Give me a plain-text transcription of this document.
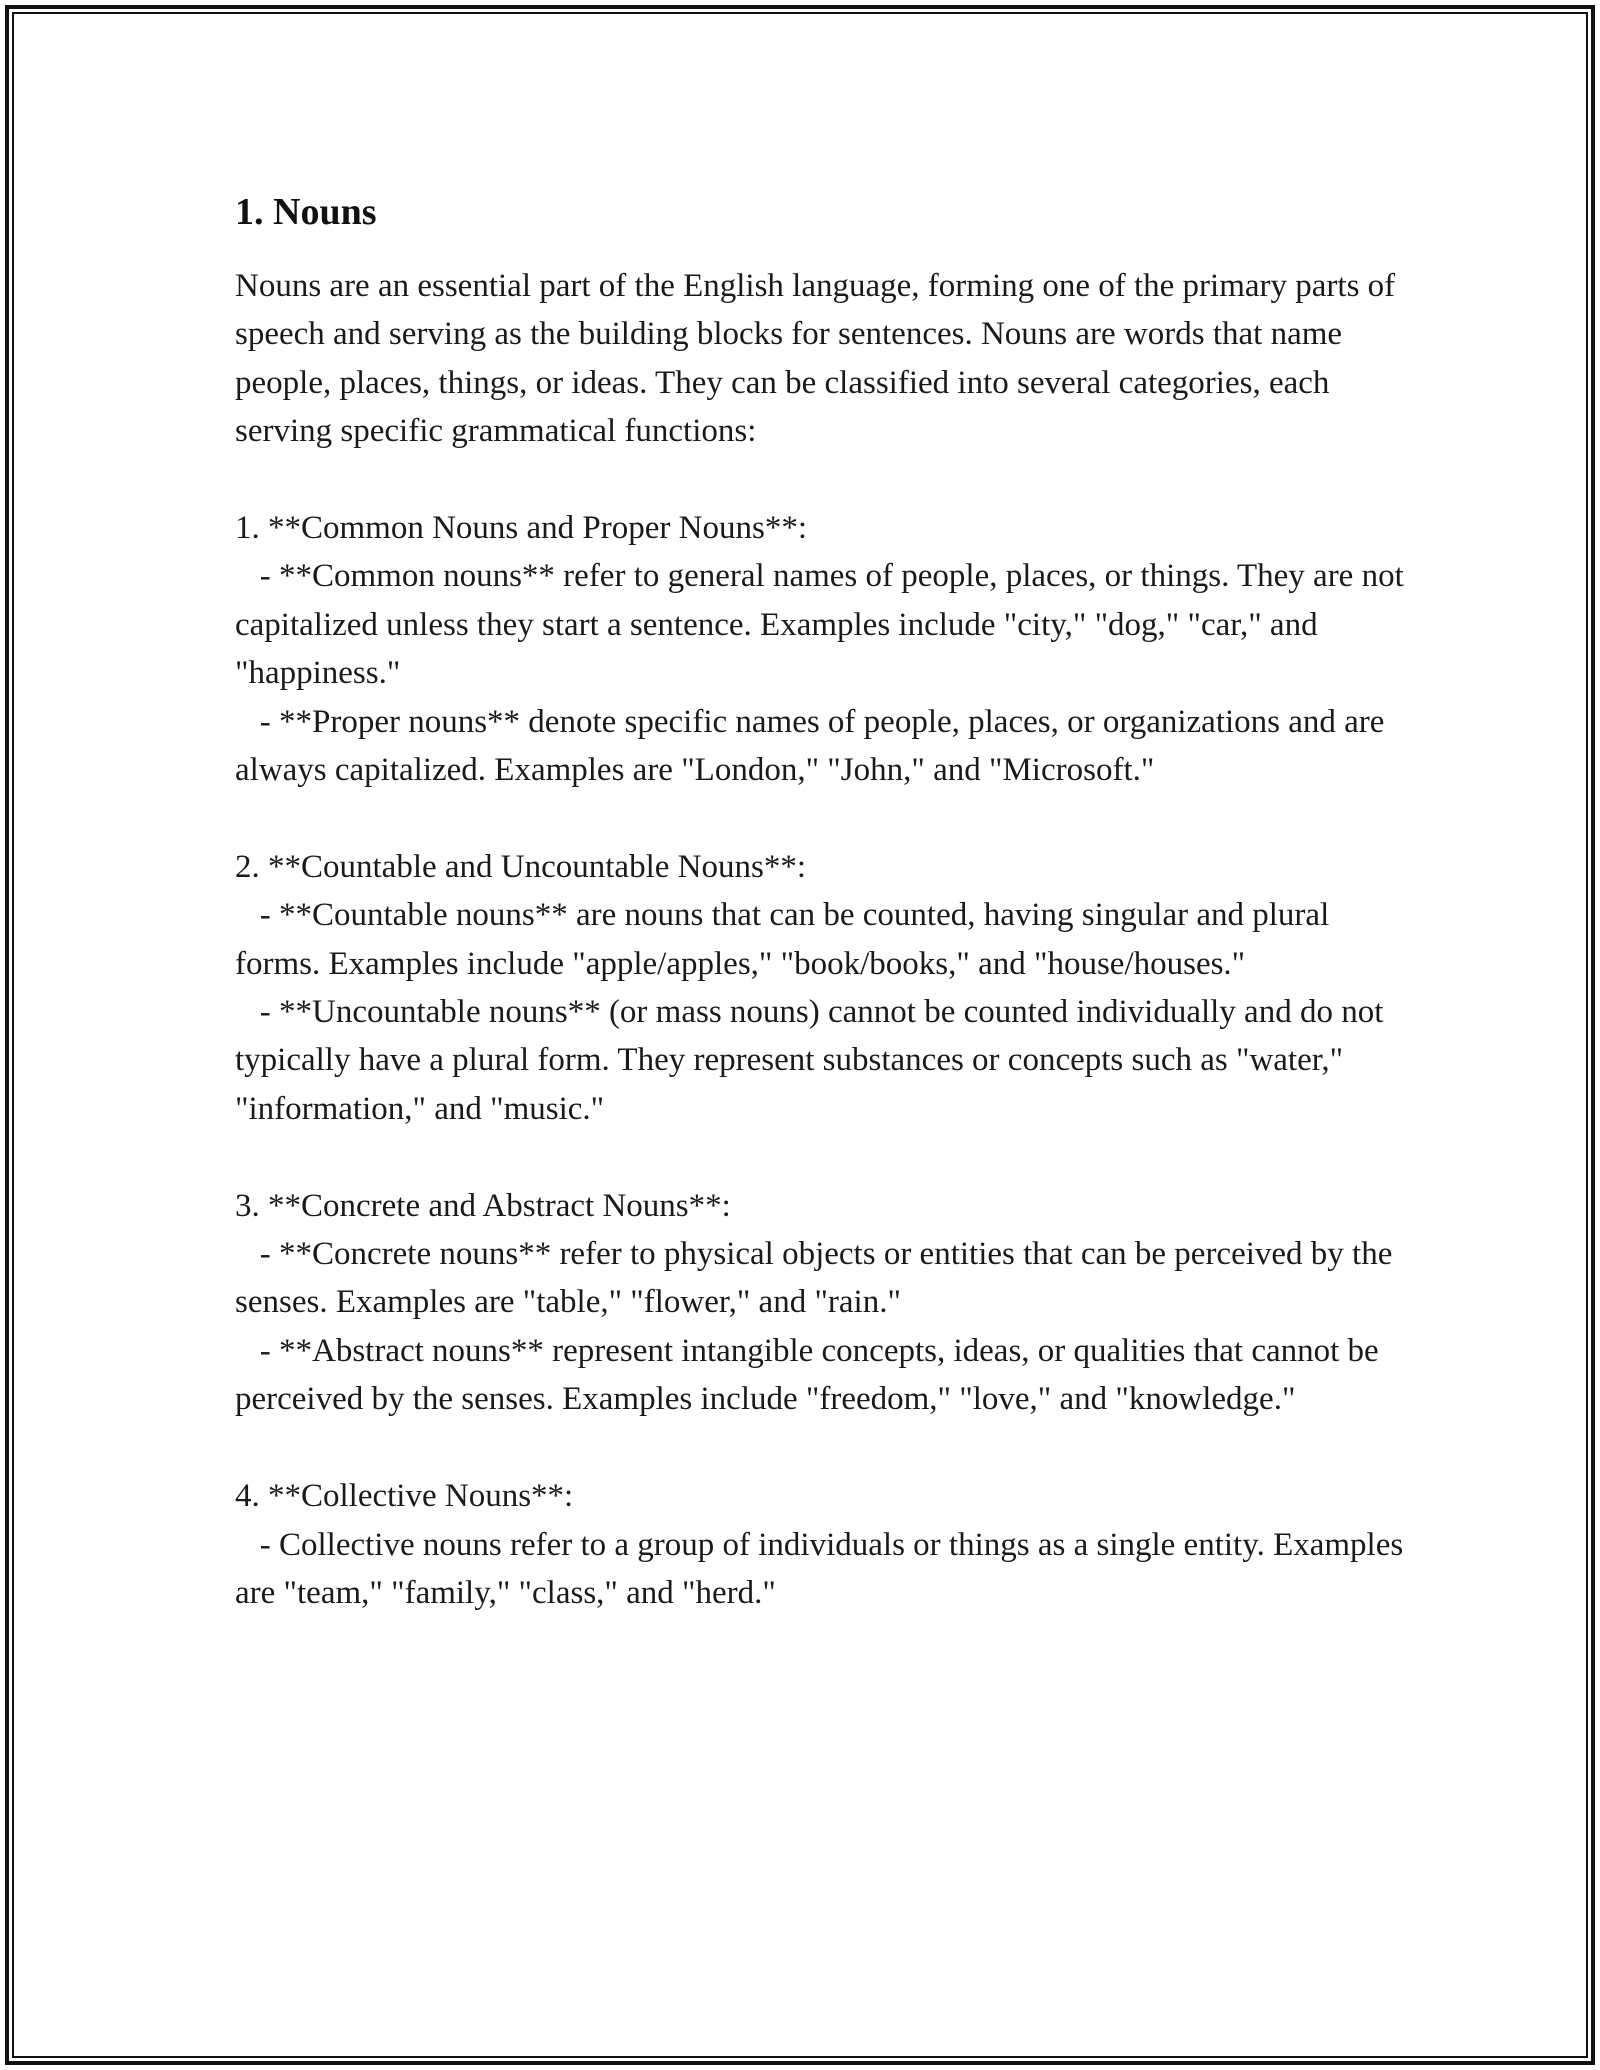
1. Nouns

Nouns are an essential part of the English language, forming one of the primary parts of speech and serving as the building blocks for sentences. Nouns are words that name people, places, things, or ideas. They can be classified into several categories, each serving specific grammatical functions:

1. **Common Nouns and Proper Nouns**:

- **Common nouns** refer to general names of people, places, or things. They are not capitalized unless they start a sentence. Examples include "city," "dog," "car," and "happiness."

- **Proper nouns** denote specific names of people, places, or organizations and are always capitalized. Examples are "London," "John," and "Microsoft."

2. **Countable and Uncountable Nouns**:

- **Countable nouns** are nouns that can be counted, having singular and plural forms. Examples include "apple/apples," "book/books," and "house/houses."

- **Uncountable nouns** (or mass nouns) cannot be counted individually and do not typically have a plural form. They represent substances or concepts such as "water," "information," and "music."

3. **Concrete and Abstract Nouns**:

- **Concrete nouns** refer to physical objects or entities that can be perceived by the senses. Examples are "table," "flower," and "rain."

- **Abstract nouns** represent intangible concepts, ideas, or qualities that cannot be perceived by the senses. Examples include "freedom," "love," and "knowledge."

4. **Collective Nouns**:

- Collective nouns refer to a group of individuals or things as a single entity. Examples are "team," "family," "class," and "herd."
